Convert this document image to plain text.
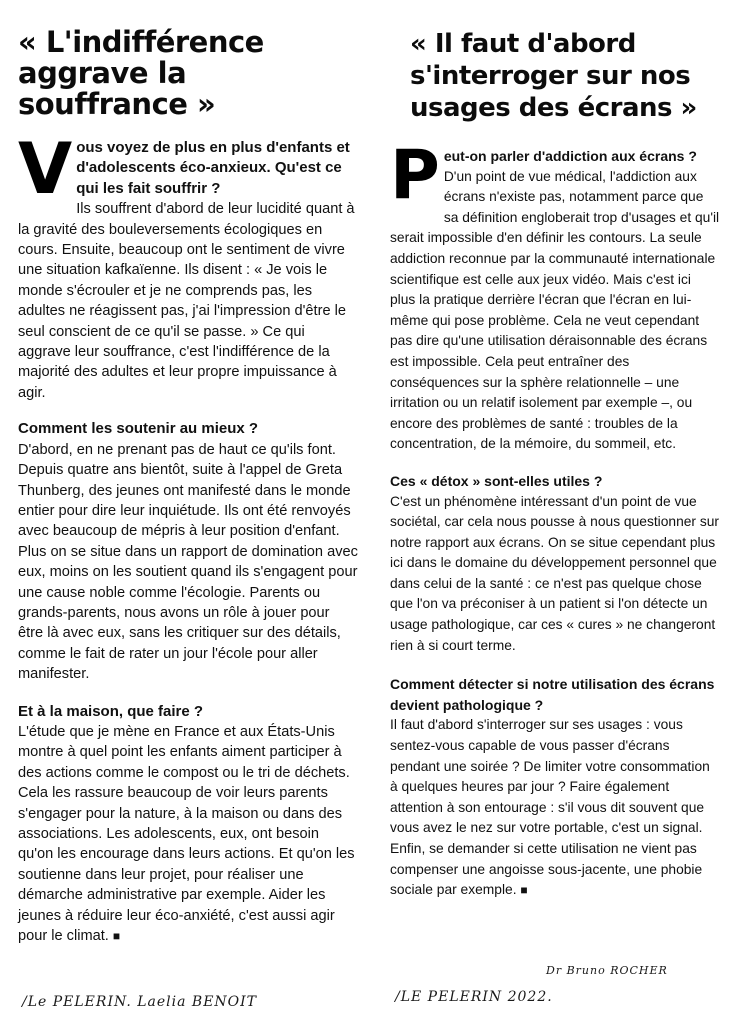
« L'indifférence aggrave la souffrance »
V ous voyez de plus en plus d'enfants et d'adolescents éco-anxieux. Qu'est ce qui les fait souffrir ?

Ils souffrent d'abord de leur lucidité quant à la gravité des bouleversements écologiques en cours. Ensuite, beaucoup ont le sentiment de vivre une situation kafkaïenne. Ils disent : « Je vois le monde s'écrouler et je ne comprends pas, les adultes ne réagissent pas, j'ai l'impression d'être le seul conscient de ce qu'il se passe. » Ce qui aggrave leur souffrance, c'est l'indifférence de la majorité des adultes et leur propre impuissance à agir.

Comment les soutenir au mieux ?

D'abord, en ne prenant pas de haut ce qu'ils font. Depuis quatre ans bientôt, suite à l'appel de Greta Thunberg, des jeunes ont manifesté dans le monde entier pour dire leur inquiétude. Ils ont été renvoyés avec beaucoup de mépris à leur position d'enfant. Plus on se situe dans un rapport de domination avec eux, moins on les soutient quand ils s'engagent pour une cause noble comme l'écologie. Parents ou grands-parents, nous avons un rôle à jouer pour être là avec eux, sans les critiquer sur des détails, comme le fait de rater un jour l'école pour aller manifester.

Et à la maison, que faire ?

L'étude que je mène en France et aux États-Unis montre à quel point les enfants aiment participer à des actions comme le compost ou le tri de déchets. Cela les rassure beaucoup de voir leurs parents s'engager pour la nature, à la maison ou dans des associations. Les adolescents, eux, ont besoin qu'on les encourage dans leurs actions. Et qu'on les soutienne dans leur projet, pour réaliser une démarche administrative par exemple. Aider les jeunes à réduire leur éco-anxiété, c'est aussi agir pour le climat. ■

« Il faut d'abord s'interroger sur nos usages des écrans »
P eut-on parler d'addiction aux écrans ?

D'un point de vue médical, l'addiction aux écrans n'existe pas, notamment parce que sa définition engloberait trop d'usages et qu'il serait impossible d'en définir les contours. La seule addiction reconnue par la communauté internationale scientifique est celle aux jeux vidéo. Mais c'est ici plus la pratique derrière l'écran que l'écran en lui-même qui pose problème. Cela ne veut cependant pas dire qu'une utilisation déraisonnable des écrans est impossible. Cela peut entraîner des conséquences sur la sphère relationnelle – une irritation ou un relatif isolement par exemple –, ou encore des problèmes de santé : troubles de la concentration, de la mémoire, du sommeil, etc.

Ces « détox » sont-elles utiles ?

C'est un phénomène intéressant d'un point de vue sociétal, car cela nous pousse à nous questionner sur notre rapport aux écrans. On se situe cependant plus ici dans le domaine du développement personnel que dans celui de la santé : ce n'est pas quelque chose que l'on va préconiser à un patient si l'on détecte un usage pathologique, car ces « cures » ne changeront rien à si court terme.

Comment détecter si notre utilisation des écrans devient pathologique ?

Il faut d'abord s'interroger sur ses usages : vous sentez-vous capable de vous passer d'écrans pendant une soirée ? De limiter votre consommation à quelques heures par jour ? Faire également attention à son entourage : s'il vous dit souvent que vous avez le nez sur votre portable, c'est un signal. Enfin, se demander si cette utilisation ne vient pas compenser une angoisse sous-jacente, une phobie sociale par exemple. ■

/Le PELERIN. Laelia BENOIT
Dr Bruno ROCHER
/LE PELERIN 2022.
